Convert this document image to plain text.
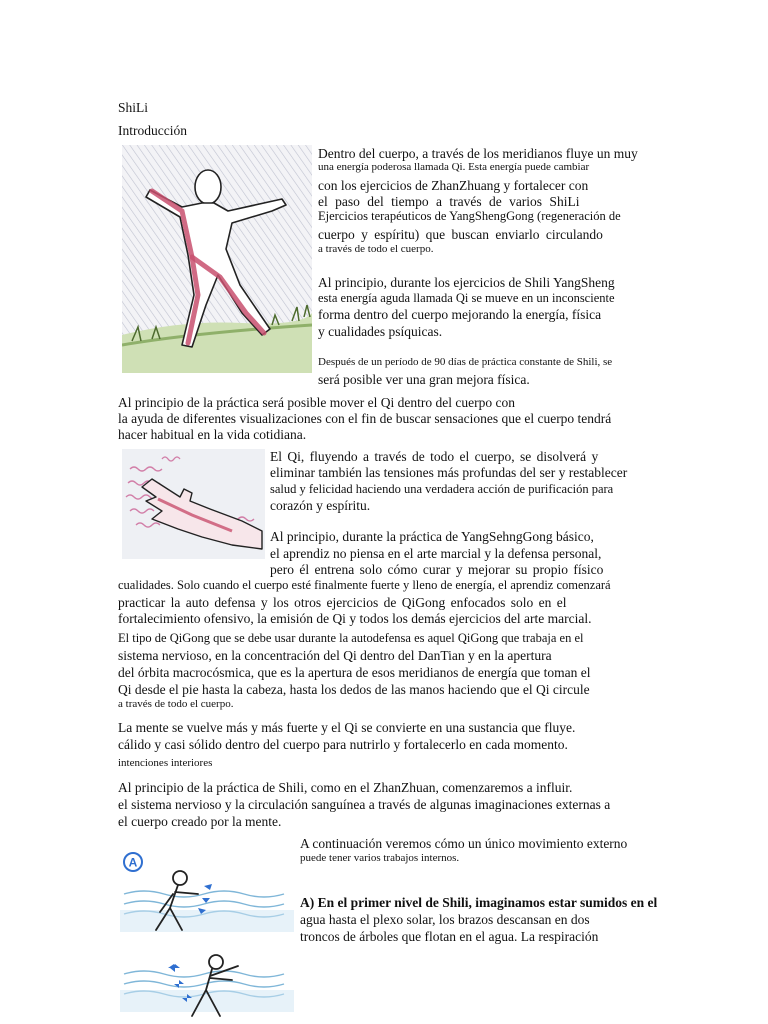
ShiLi
Introducción
Dentro del cuerpo, a través de los meridianos fluye un muy
una energía poderosa llamada Qi. Esta energía puede cambiar
con los ejercicios de ZhanZhuang y fortalecer con
el paso del tiempo a través de varios ShiLi
Ejercicios terapéuticos de YangShengGong (regeneración de
cuerpo y espíritu) que buscan enviarlo circulando
a través de todo el cuerpo.
Al principio, durante los ejercicios de Shili YangSheng
esta energía aguda llamada Qi se mueve en un inconsciente
forma dentro del cuerpo mejorando la energía, física
y cualidades psíquicas.
Después de un período de 90 días de práctica constante de Shili, se
será posible ver una gran mejora física.
Al principio de la práctica será posible mover el Qi dentro del cuerpo con
la ayuda de diferentes visualizaciones con el fin de buscar sensaciones que el cuerpo tendrá
hacer habitual en la vida cotidiana.
El Qi, fluyendo a través de todo el cuerpo, se disolverá y
eliminar también las tensiones más profundas del ser y restablecer
salud y felicidad haciendo una verdadera acción de purificación para
corazón y espíritu.
Al principio, durante la práctica de YangSehngGong básico,
el aprendiz no piensa en el arte marcial y la defensa personal,
pero él entrena solo cómo curar y mejorar su propio físico
cualidades. Solo cuando el cuerpo esté finalmente fuerte y lleno de energía, el aprendiz comenzará
practicar la auto defensa y los otros ejercicios de QiGong enfocados solo en el
fortalecimiento ofensivo, la emisión de Qi y todos los demás ejercicios del arte marcial.
El tipo de QiGong que se debe usar durante la autodefensa es aquel QiGong que trabaja en el
sistema nervioso, en la concentración del Qi dentro del DanTian y en la apertura
del órbita macrocósmica, que es la apertura de esos meridianos de energía que toman el
Qi desde el pie hasta la cabeza, hasta los dedos de las manos haciendo que el Qi circule
a través de todo el cuerpo.
La mente se vuelve más y más fuerte y el Qi se convierte en una sustancia que fluye.
cálido y casi sólido dentro del cuerpo para nutrirlo y fortalecerlo en cada momento.
intenciones interiores
Al principio de la práctica de Shili, como en el ZhanZhuan, comenzaremos a influir.
el sistema nervioso y la circulación sanguínea a través de algunas imaginaciones externas a
el cuerpo creado por la mente.
A
A continuación veremos cómo un único movimiento externo
puede tener varios trabajos internos.
A) En el primer nivel de Shili, imaginamos estar sumidos en el
agua hasta el plexo solar, los brazos descansan en dos
troncos de árboles que flotan en el agua. La respiración
